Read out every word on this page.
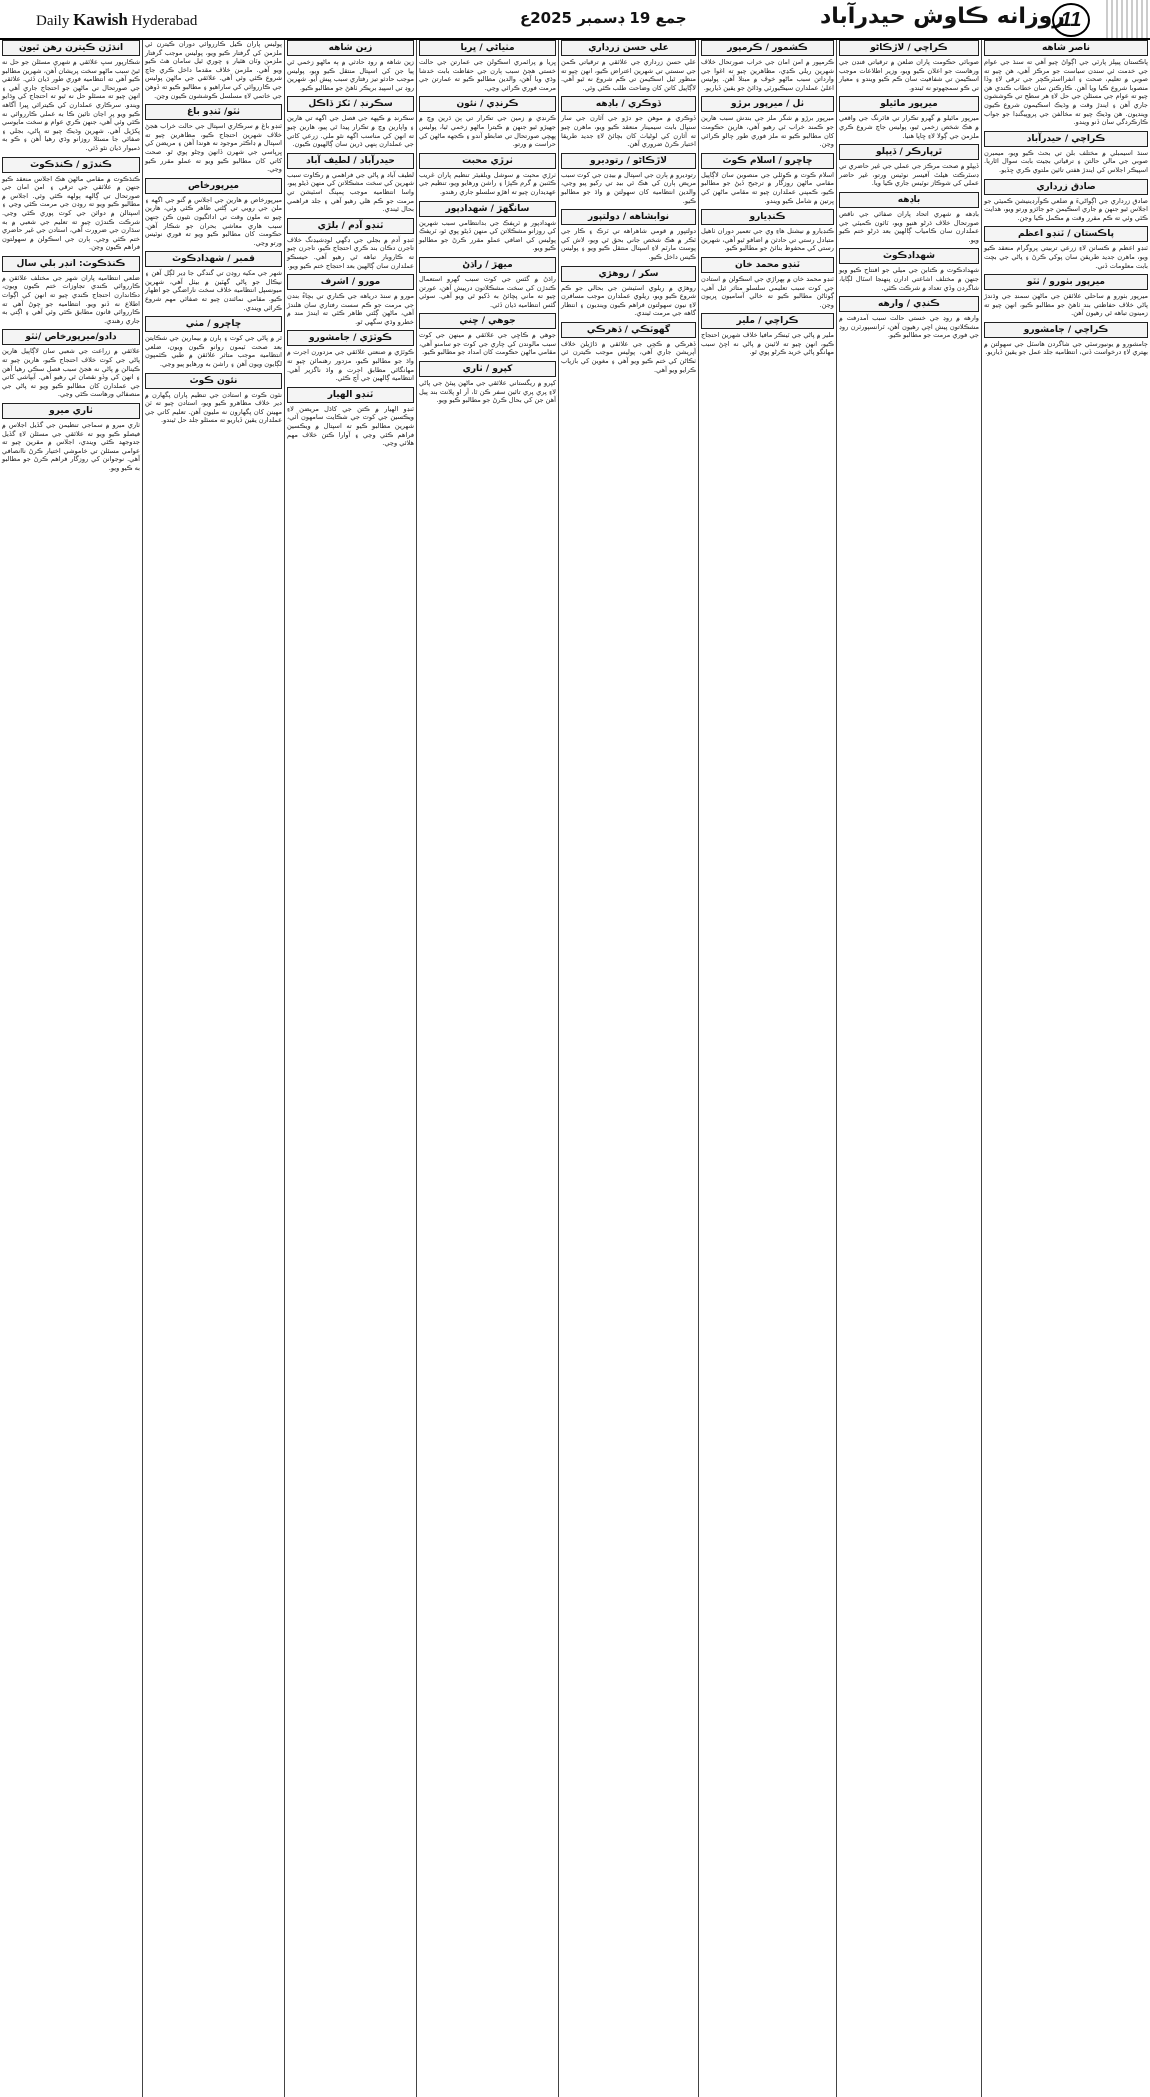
Daily Kawish Hyderabad	جمع 19 ڊسمبر 2025ع	روزانه ڪاوش حيدرآباد
11
انڌڙن ڪيترن رهن ٿيون
شڪارپور سڀ علائقي ۾ شهري مسئلن جو حل نه ٿيڻ سبب ماڻهو سخت پريشان آهن، شهرين مطالبو ڪيو آهي ته انتظاميه فوري طور ڌيان ڏئي. علائقي جي صورتحال تي ماڻهن جو احتجاج جاري آهي ۽ انهن چيو ته مسئلو حل نه ٿيو ته احتجاج کي وڌايو ويندو. سرڪاري عملدارن کي ڪيترائي ڀيرا آگاهه ڪيو ويو پر اڃان تائين ڪا به عملي ڪارروائي نه ڪئي وئي آهي، جنهن ڪري عوام ۾ سخت مايوسي پکڙيل آهي. شهرين وڌيڪ چيو ته پاڻي، بجلي ۽ صفائي جا مسئلا روزانو وڌي رهيا آهن ۽ ڪو به ذميوار ڌيان نٿو ڏئي.
ڪندڙو / ڪنڌڪوٽ
ڪنڌڪوٽ ۾ مقامي ماڻهن هڪ اجلاس منعقد ڪيو جنهن ۾ علائقي جي ترقي ۽ امن امان جي صورتحال تي ڳالهه ٻولهه ڪئي وئي. اجلاس ۾ مطالبو ڪيو ويو ته روڊن جي مرمت ڪئي وڃي ۽ اسپتالن ۾ دوائن جي کوٽ پوري ڪئي وڃي. شرڪت ڪندڙن چيو ته تعليم جي شعبي ۾ به سڌارن جي ضرورت آهي، استادن جي غير حاضري ختم ڪئي وڃي. ٻارن جي اسڪولن ۾ سهولتون فراهم ڪيون وڃن.
ڪنڌڪوٽ: انڊر بلي سال
ضلعي انتظاميه پاران شهر جي مختلف علائقن ۾ ڪارروائي ڪندي تجاوزات ختم ڪيون ويون، دڪاندارن احتجاج ڪندي چيو ته انهن کي اڳواٽ اطلاع نه ڏنو ويو. انتظاميه جو چوڻ آهي ته ڪارروائي قانون مطابق ڪئي وئي آهي ۽ اڳتي به جاري رهندي.
دادو/ميرپورخاص /ٺٽو
علائقي ۾ زراعت جي شعبي سان لاڳاپيل هارين پاڻي جي کوٽ خلاف احتجاج ڪيو، هارين چيو ته ڪينالن ۾ پاڻي نه هجڻ سبب فصل سڪي رهيا آهن ۽ انهن کي وڏو نقصان ٿي رهيو آهي. آبپاشي کاتي جي عملدارن کان مطالبو ڪيو ويو ته پاڻي جي منصفاڻي ورهاست ڪئي وڃي.
ٺاري ميرو
ٺاري ميرو ۾ سماجي تنظيمن جي گڏيل اجلاس ۾ فيصلو ڪيو ويو ته علائقي جي مسئلن لاءِ گڏيل جدوجهد ڪئي ويندي، اجلاس ۾ مقرين چيو ته عوامي مسئلن تي خاموشي اختيار ڪرڻ ناانصافي آهي. نوجوانن کي روزگار فراهم ڪرڻ جو مطالبو به ڪيو ويو.
پوليس پاران ڪيل ڪارروائي دوران ڪيترن ئي ملزمن کي گرفتار ڪيو ويو، پوليس موجب گرفتار ملزمن وٽان هٿيار ۽ چوري ٿيل سامان هٿ ڪيو ويو آهي. ملزمن خلاف مقدما داخل ڪري جاچ شروع ڪئي وئي آهي. علائقي جي ماڻهن پوليس جي ڪارروائي کي ساراهيو ۽ مطالبو ڪيو ته ڏوهن جي خاتمي لاءِ مسلسل ڪوششون ڪيون وڃن.
ٺٽو/ ٽنڊو باغ
ٽنڊو باغ ۾ سرڪاري اسپتال جي حالت خراب هجڻ خلاف شهرين احتجاج ڪيو، مظاهرين چيو ته اسپتال ۾ ڊاڪٽر موجود نه هوندا آهن ۽ مريضن کي ڀرپاسي جي شهرن ڏانهن وڃڻو پوي ٿو. صحت کاتي کان مطالبو ڪيو ويو ته عملو مقرر ڪيو وڃي.
ميرپورخاص
ميرپورخاص ۾ هارين جي اجلاس ۾ گنو جي اگهه ۽ ملن جي رويي تي ڳڻتي ظاهر ڪئي وئي، هارين چيو ته ملون وقت تي ادائگيون نٿيون ڪن جنهن سبب هاري معاشي بحران جو شڪار آهن. حڪومت کان مطالبو ڪيو ويو ته فوري نوٽيس ورتو وڃي.
قمبر / شهدادڪوٽ
شهر جي مکيه روڊن تي گندگي جا ڍير لڳل آهن ۽ نيڪال جو پاڻي گهٽين ۾ بيٺل آهي، شهرين ميونسپل انتظاميه خلاف سخت ناراضگي جو اظهار ڪيو. مقامي نمائندن چيو ته صفائي مهم شروع ڪرائي ويندي.
ڇاڇرو / مٺي
ٿر ۾ پاڻي جي کوٽ ۽ ٻارن ۾ بيمارين جي شڪايتن بعد صحت ٽيمون روانو ڪيون ويون، ضلعي انتظاميه موجب متاثر علائقن ۾ طبي ڪئمپون لڳايون ويون آهن ۽ راشن به ورهايو پيو وڃي.
نئون ڪوٽ
نئون ڪوٽ ۾ استادن جي تنظيم پاران پگهارن ۾ دير خلاف مظاهرو ڪيو ويو، استادن چيو ته ٽن مهينن کان پگهارون نه مليون آهن. تعليم کاتي جي عملدارن يقين ڏياريو ته مسئلو جلد حل ٿيندو.
زين شاهه
زين شاهه ۾ روڊ حادثي ۾ ٻه ماڻهو زخمي ٿي پيا جن کي اسپتال منتقل ڪيو ويو، پوليس موجب حادثو تيز رفتاري سبب پيش آيو. شهرين روڊ تي اسپيڊ بريڪر ٺاهڻ جو مطالبو ڪيو.
سڪرنڊ / ٽکڙ ڏاڪل
سڪرنڊ ۾ ڪپهه جي فصل جي اگهه تي هارين ۽ واپارين وچ ۾ تڪرار پيدا ٿي پيو، هارين چيو ته انهن کي مناسب اگهه نٿو ملي. زرعي کاتي جي عملدارن ٻنهي ڌرين سان ڳالهيون ڪيون.
حيدرآباد / لطيف آباد
لطيف آباد ۾ پاڻي جي فراهمي ۾ رڪاوٽ سبب شهرين کي سخت مشڪلاتن کي منهن ڏيڻو پيو، واسا انتظاميه موجب پمپنگ اسٽيشن تي مرمت جو ڪم هلي رهيو آهي ۽ جلد فراهمي بحال ٿيندي.
ٽنڊو آدم / بلڙي
ٽنڊو آدم ۾ بجلي جي ڊگهي لوڊشيڊنگ خلاف تاجرن دڪان بند ڪري احتجاج ڪيو، تاجرن چيو ته ڪاروبار تباهه ٿي رهيو آهي. حيسڪو عملدارن سان ڳالهين بعد احتجاج ختم ڪيو ويو.
مورو / اشرف
مورو ۾ سنڌ درياهه جي ڪناري تي بچاءُ بندن جي مرمت جو ڪم سست رفتاري سان هلندڙ آهي، ماڻهن ڳڻتي ظاهر ڪئي ته ايندڙ مند ۾ خطرو وڌي سگهي ٿو.
ڪوٽڙي / جامشورو
ڪوٽڙي ۾ صنعتي علائقي جي مزدورن اجرت ۾ واڌ جو مطالبو ڪيو، مزدور رهنمائن چيو ته مهانگائي مطابق اجرت ۾ واڌ ناگزير آهي. انتظاميه ڳالهين جي آڇ ڪئي.
ٽنڊو الهيار
ٽنڊو الهيار ۾ ڪتن جي کاڌل مريضن لاءِ ويڪسين جي کوٽ جي شڪايت سامهون آئي، شهرين مطالبو ڪيو ته اسپتال ۾ ويڪسين فراهم ڪئي وڃي ۽ آوارا ڪتن خلاف مهم هلائي وڃي.
مٺياڻي / ڀريا
ڀريا ۾ پرائمري اسڪولن جي عمارتن جي حالت خستي هجڻ سبب ٻارن جي حفاظت بابت خدشا وڌي ويا آهن، والدين مطالبو ڪيو ته عمارتن جي مرمت فوري ڪرائي وڃي.
ڪرنڊي / نئون
ڪرنڊي ۾ زمين جي تڪرار تي ٻن ڌرين وچ ۾ جهيڙو ٿيو جنهن ۾ ڪيترا ماڻهو زخمي ٿيا، پوليس پهچي صورتحال تي ضابطو آندو ۽ ڪجهه ماڻهن کي حراست ۾ ورتو.
ٺرڙي محبت
ٺرڙي محبت ۾ سوشل ويلفيئر تنظيم پاران غريب ڪٽنبن ۾ گرم ڪپڙا ۽ راشن ورهايو ويو، تنظيم جي عهديدارن چيو ته اهڙو سلسلو جاري رهندو.
سانگهڙ / شهدادپور
شهدادپور ۾ ٽريفڪ جي بدانتظامي سبب شهرين کي روزانو مشڪلاتن کي منهن ڏيڻو پوي ٿو، ٽريفڪ پوليس کي اضافي عملو مقرر ڪرڻ جو مطالبو ڪيو ويو.
ميهڙ / راڌڻ
راڌڻ ۾ گئس جي کوٽ سبب گهرو استعمال ڪندڙن کي سخت مشڪلاتون درپيش آهن، عورتن چيو ته ماني پچائڻ به ڏکيو ٿي ويو آهي. سوئي گئس انتظاميه ڌيان ڏئي.
جوهي / ڇني
جوهي ۾ ڪاڇي جي علائقي ۾ مينهن جي کوٽ سبب مالوندن کي چاري جي کوٽ جو سامنو آهي، مقامي ماڻهن حڪومت کان امداد جو مطالبو ڪيو.
کپرو / ٺاري
کپرو ۾ ريگستاني علائقي جي ماڻهن پيئڻ جي پاڻي لاءِ پري پري تائين سفر ڪن ٿا، آر او پلانٽ بند پيل آهن جن کي بحال ڪرڻ جو مطالبو ڪيو ويو.
علي حسن زرداري
علي حسن زرداري جي علائقي ۾ ترقياتي ڪمن جي سستي تي شهرين اعتراض ڪيو، انهن چيو ته منظور ٿيل اسڪيمن تي ڪم شروع نه ٿيو آهي. لاڳاپيل کاتن کان وضاحت طلب ڪئي وئي.
ڏوڪري / باڊهه
ڏوڪري ۾ موهن جو دڙو جي آثارن جي سار سنڀال بابت سيمينار منعقد ڪيو ويو، ماهرن چيو ته آثارن کي لوڻياٺ کان بچائڻ لاءِ جديد طريقا اختيار ڪرڻ ضروري آهن.
لاڙڪاڻو / رتوديرو
رتوديرو ۾ ٻارن جي اسپتال ۾ بيڊن جي کوٽ سبب مريض ٻارن کي هڪ ئي بيڊ تي رکيو پيو وڃي، والدين انتظاميه کان سهولتن ۾ واڌ جو مطالبو ڪيو.
نوابشاهه / دولتپور
دولتپور ۾ قومي شاهراهه تي ٽرڪ ۽ ڪار جي ٽڪر ۾ هڪ شخص جاني بحق ٿي ويو، لاش کي پوسٽ مارٽم لاءِ اسپتال منتقل ڪيو ويو ۽ پوليس ڪيس داخل ڪيو.
سکر / روهڙي
روهڙي ۾ ريلوي اسٽيشن جي بحالي جو ڪم شروع ڪيو ويو، ريلوي عملدارن موجب مسافرن لاءِ نيون سهولتون فراهم ڪيون وينديون ۽ انتظار گاهه جي مرمت ٿيندي.
گهوٽڪي / ڏهرڪي
ڏهرڪي ۾ ڪچي جي علائقي ۾ ڌاڙيلن خلاف آپريشن جاري آهي، پوليس موجب ڪيترن ئي ٺڪاڻن کي ختم ڪيو ويو آهي ۽ مغوين کي بازياب ڪرايو ويو آهي.
ڪشمور / ڪرمپور
ڪرمپور ۾ امن امان جي خراب صورتحال خلاف شهرين ريلي ڪڍي، مظاهرين چيو ته اغوا جي وارداتن سبب ماڻهو خوف ۾ مبتلا آهن. پوليس اعليٰ عملدارن سيڪيورٽي وڌائڻ جو يقين ڏياريو.
ٺل / ميرپور برڙو
ميرپور برڙو ۾ شگر ملز جي بندش سبب هارين جو ڪمند خراب ٿي رهيو آهي، هارين حڪومت کان مطالبو ڪيو ته ملز فوري طور چالو ڪرائي وڃن.
ڇاڇرو / اسلام ڪوٽ
اسلام ڪوٽ ۾ ڪوئلي جي منصوبن سان لاڳاپيل مقامي ماڻهن روزگار ۾ ترجيح ڏيڻ جو مطالبو ڪيو، ڪمپني عملدارن چيو ته مقامي ماڻهن کي ڀرتين ۾ شامل ڪيو ويندو.
ڪنڊيارو
ڪنڊيارو ۾ نيشنل هاءِ وي جي تعمير دوران ٺاهيل متبادل رستي تي حادثن ۾ اضافو ٿيو آهي، شهرين رستي کي محفوظ بنائڻ جو مطالبو ڪيو.
ٽنڊو محمد خان
ٽنڊو محمد خان ۾ ٻهراڙي جي اسڪولن ۾ استادن جي کوٽ سبب تعليمي سلسلو متاثر ٿيل آهي، ڳوٺاڻن مطالبو ڪيو ته خالي آساميون ڀريون وڃن.
ڪراچي / ملير
ملير ۾ پاڻي جي ٽينڪر مافيا خلاف شهرين احتجاج ڪيو، انهن چيو ته لائينن ۾ پاڻي نه اچڻ سبب مهانگو پاڻي خريد ڪرڻو پوي ٿو.
ڪراچي / لاڙڪاڻو
صوبائي حڪومت پاران ضلعن ۾ ترقياتي فنڊن جي ورهاست جو اعلان ڪيو ويو، وزير اطلاعات موجب اسڪيمن تي شفافيت سان ڪم ڪيو ويندو ۽ معيار تي ڪو سمجهوتو نه ٿيندو.
ميرپور ماٿيلو
ميرپور ماٿيلو ۾ گهرو تڪرار تي فائرنگ جي واقعي ۾ هڪ شخص زخمي ٿيو، پوليس جاچ شروع ڪري ملزمن جي ڳولا لاءِ ڇاپا هنيا.
ٿرپارڪر / ڏيپلو
ڏيپلو ۾ صحت مرڪز جي عملي جي غير حاضري تي ڊسٽرڪٽ هيلٿ آفيسر نوٽيس ورتو، غير حاضر عملي کي شوڪاز نوٽيس جاري ڪيا ويا.
باڊهه
باڊهه ۾ شهري اتحاد پاران صفائي جي ناقص صورتحال خلاف ڌرڻو هنيو ويو، ٽائون ڪميٽي جي عملدارن سان ڪامياب ڳالهين بعد ڌرڻو ختم ڪيو ويو.
شهدادڪوٽ
شهدادڪوٽ ۾ ڪتابن جي ميلي جو افتتاح ڪيو ويو جنهن ۾ مختلف اشاعتي ادارن پنهنجا اسٽال لڳايا، شاگردن وڏي تعداد ۾ شرڪت ڪئي.
ڪنڊي / وارهه
وارهه ۾ روڊ جي خستي حالت سبب آمدرفت ۾ مشڪلاتون پيش اچي رهيون آهن، ٽرانسپورٽرن روڊ جي فوري مرمت جو مطالبو ڪيو.
ناصر شاهه
پاڪستان پيپلز پارٽي جي اڳواڻ چيو آهي ته سنڌ جي عوام جي خدمت ئي سندن سياست جو مرڪز آهي، هن چيو ته صوبي ۾ تعليم، صحت ۽ انفرااسٽرڪچر جي ترقي لاءِ وڏا منصوبا شروع ڪيا ويا آهن. ڪارڪنن سان خطاب ڪندي هن چيو ته عوام جي مسئلن جي حل لاءِ هر سطح تي ڪوششون جاري آهن ۽ ايندڙ وقت ۾ وڌيڪ اسڪيمون شروع ڪيون وينديون. هن وڌيڪ چيو ته مخالفن جي پروپيگنڊا جو جواب ڪارڪردگي سان ڏنو ويندو.
ڪراچي / حيدرآباد
سنڌ اسيمبلي ۾ مختلف بلن تي بحث ڪيو ويو، ميمبرن صوبي جي مالي حالتن ۽ ترقياتي بجيٽ بابت سوال اٿاريا. اسپيڪر اجلاس کي ايندڙ هفتي تائين ملتوي ڪري ڇڏيو.
صادق زرداري
صادق زرداري جي اڳواڻيءَ ۾ ضلعي ڪوآرڊينيشن ڪميٽي جو اجلاس ٿيو جنهن ۾ جاري اسڪيمن جو جائزو ورتو ويو، هدايت ڪئي وئي ته ڪم مقرر وقت ۾ مڪمل ڪيا وڃن.
پاڪستان / ٽنڊو اعظم
ٽنڊو اعظم ۾ ڪسانن لاءِ زرعي تربيتي پروگرام منعقد ڪيو ويو، ماهرن جديد طريقن سان پوکي ڪرڻ ۽ پاڻي جي بچت بابت معلومات ڏني.
ميرپور بٺورو / ٺٽو
ميرپور بٺورو ۾ ساحلي علائقن جي ماڻهن سمنڊ جي وڌندڙ پاڻي خلاف حفاظتي بند ٺاهڻ جو مطالبو ڪيو، انهن چيو ته زمينون تباهه ٿي رهيون آهن.
ڪراچي / ڄامشورو
ڄامشورو ۾ يونيورسٽي جي شاگردن هاسٽل جي سهولتن ۾ بهتري لاءِ درخواست ڏني، انتظاميه جلد عمل جو يقين ڏياريو.
